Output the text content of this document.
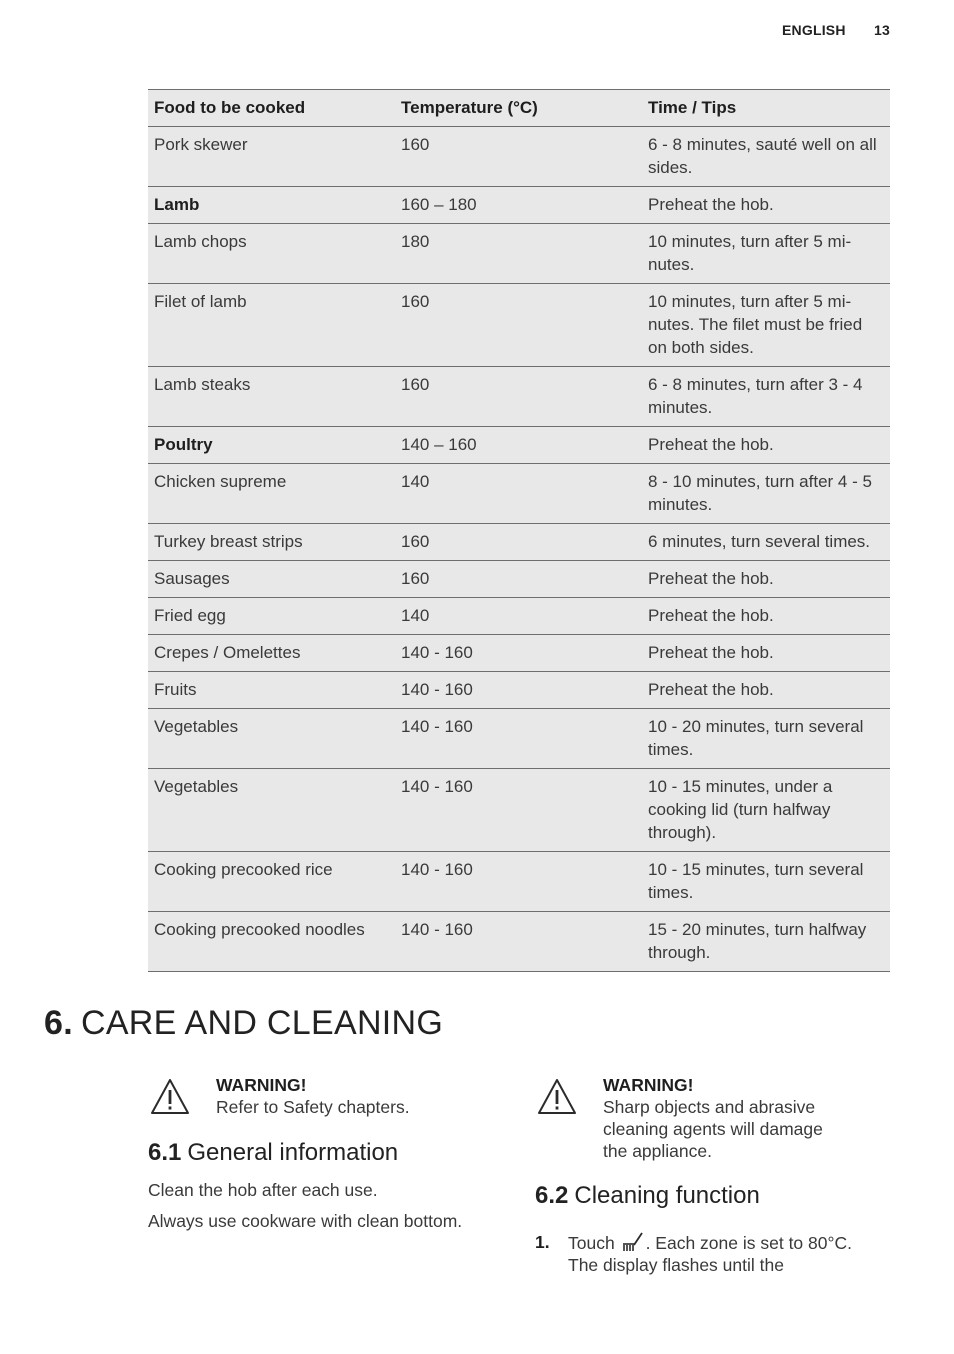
ENGLISH 13
Food to be cooked	Temperature (°C)	Time / Tips
Pork skewer	160	6 - 8 minutes, sauté well on all sides.
Lamb	160 – 180	Preheat the hob.
Lamb chops	180	10 minutes, turn after 5 mi-nutes.
Filet of lamb	160	10 minutes, turn after 5 mi-nutes. The filet must be fried on both sides.
Lamb steaks	160	6 - 8 minutes, turn after 3 - 4 minutes.
Poultry	140 – 160	Preheat the hob.
Chicken supreme	140	8 - 10 minutes, turn after 4 - 5 minutes.
Turkey breast strips	160	6 minutes, turn several times.
Sausages	160	Preheat the hob.
Fried egg	140	Preheat the hob.
Crepes / Omelettes	140 - 160	Preheat the hob.
Fruits	140 - 160	Preheat the hob.
Vegetables	140 - 160	10 - 20 minutes, turn several times.
Vegetables	140 - 160	10 - 15 minutes, under a cooking lid (turn halfway through).
Cooking precooked rice	140 - 160	10 - 15 minutes, turn several times.
Cooking precooked noodles	140 - 160	15 - 20 minutes, turn halfway through.
6. CARE AND CLEANING
WARNING!
Refer to Safety chapters.
WARNING!
Sharp objects and abrasive
cleaning agents will damage
the appliance.
6.1 General information
Clean the hob after each use.
Always use cookware with clean bottom.
6.2 Cleaning function
1. Touch . Each zone is set to 80°C.
The display flashes until the
